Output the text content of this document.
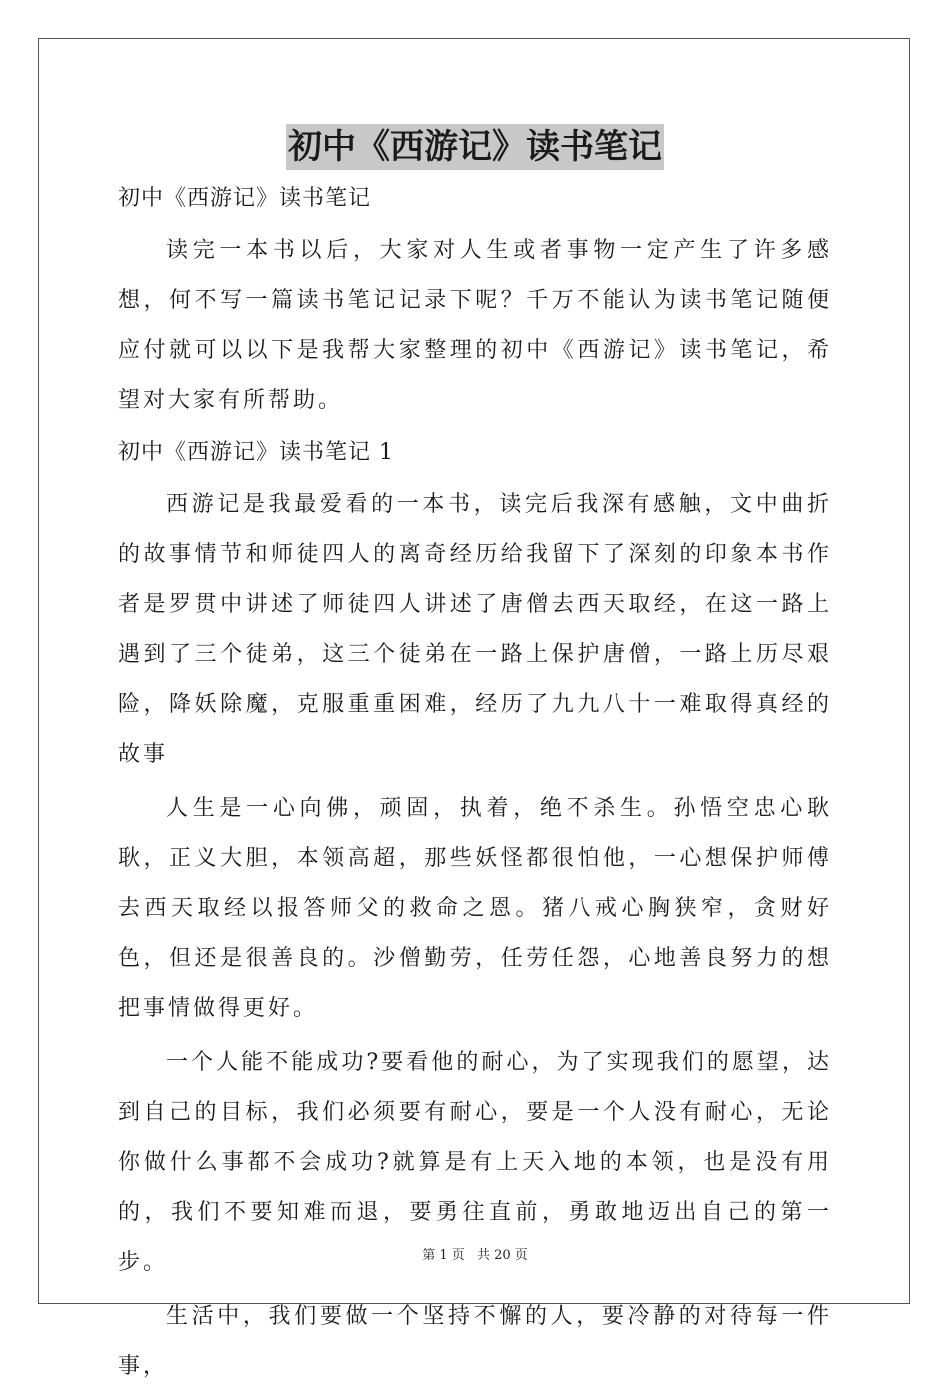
初中《西游记》读书笔记

初中《西游记》读书笔记

读完一本书以后，大家对人生或者事物一定产生了许多感想，何不写一篇读书笔记记录下呢？千万不能认为读书笔记随便应付就可以以下是我帮大家整理的初中《西游记》读书笔记，希望对大家有所帮助。

初中《西游记》读书笔记 1

西游记是我最爱看的一本书，读完后我深有感触，文中曲折的故事情节和师徒四人的离奇经历给我留下了深刻的印象本书作者是罗贯中讲述了师徒四人讲述了唐僧去西天取经，在这一路上遇到了三个徒弟，这三个徒弟在一路上保护唐僧，一路上历尽艰险，降妖除魔，克服重重困难，经历了九九八十一难取得真经的故事

人生是一心向佛，顽固，执着，绝不杀生。孙悟空忠心耿耿，正义大胆，本领高超，那些妖怪都很怕他，一心想保护师傅去西天取经以报答师父的救命之恩。猪八戒心胸狭窄，贪财好色，但还是很善良的。沙僧勤劳，任劳任怨，心地善良努力的想把事情做得更好。

一个人能不能成功?要看他的耐心，为了实现我们的愿望，达到自己的目标，我们必须要有耐心，要是一个人没有耐心，无论你做什么事都不会成功?就算是有上天入地的本领，也是没有用的，我们不要知难而退，要勇往直前，勇敢地迈出自己的第一步。

生活中，我们要做一个坚持不懈的人，要冷静的对待每一件事，

第 1 页 共 20 页
